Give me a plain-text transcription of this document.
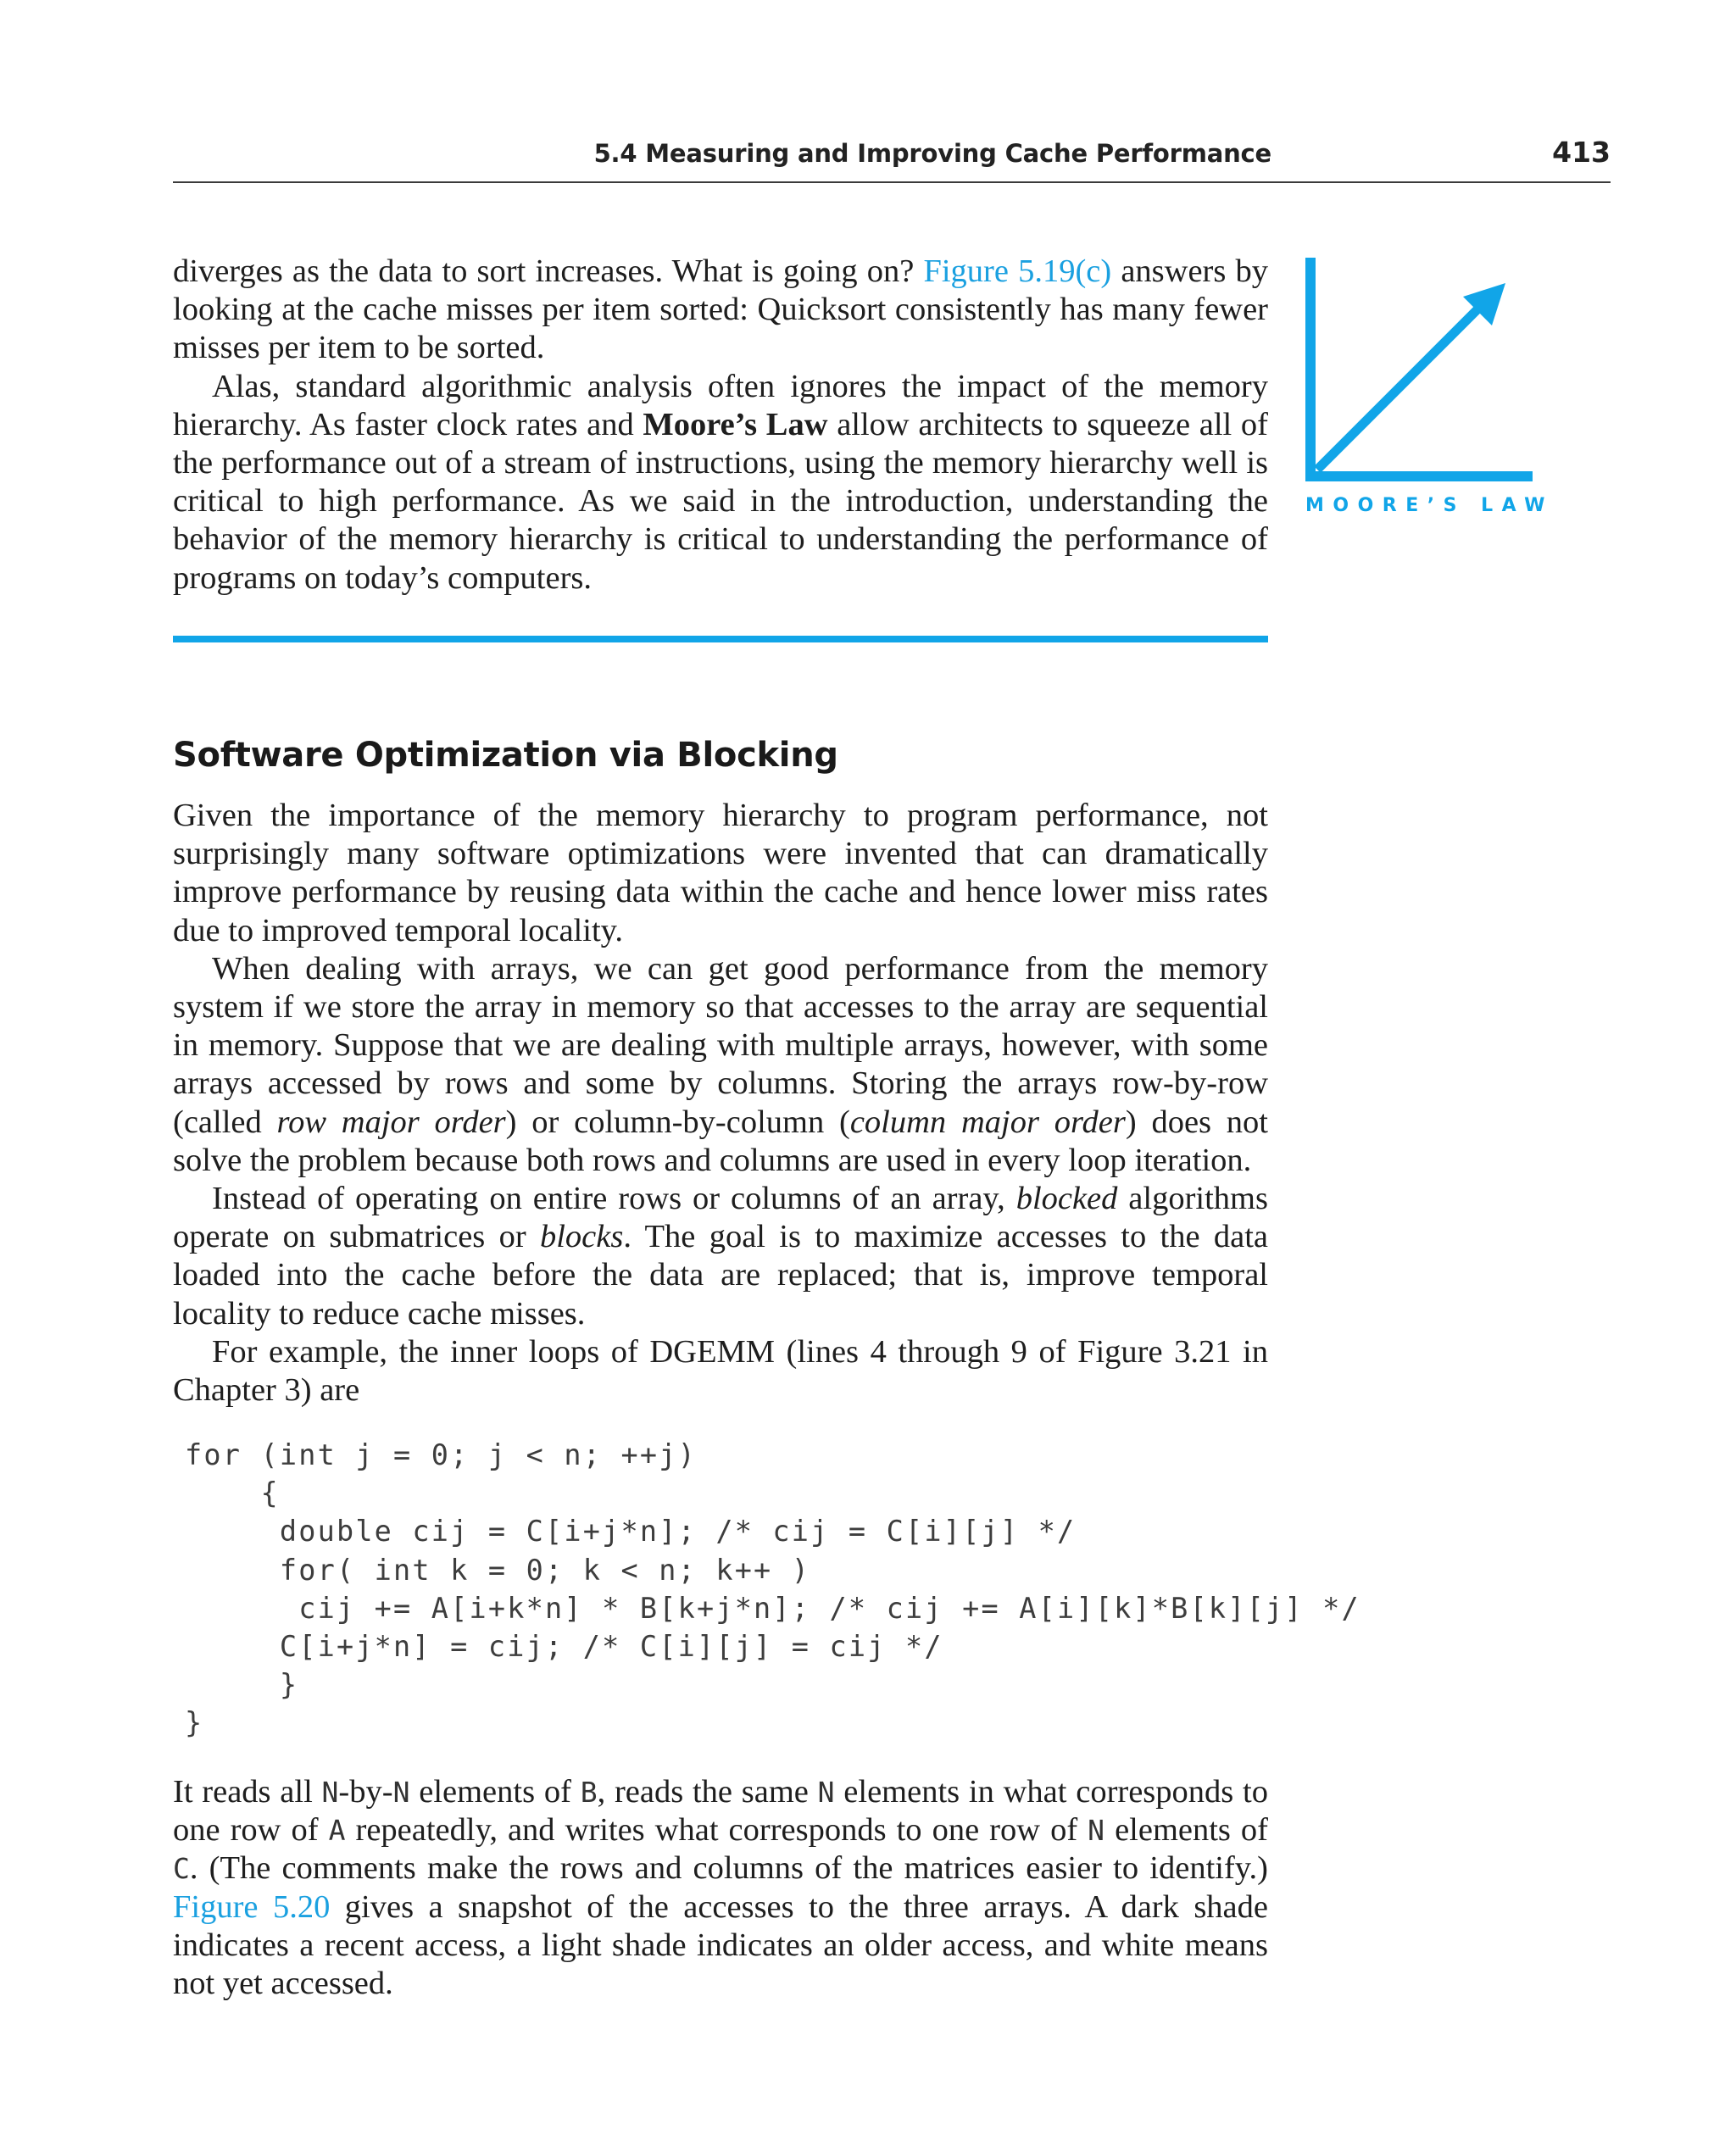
5.4 Measuring and Improving Cache Performance	413
MOORE’S LAW

diverges as the data to sort increases. What is going on? Figure 5.19(c) answers by looking at the cache misses per item sorted: Quicksort consistently has many fewer misses per item to be sorted.

Alas, standard algorithmic analysis often ignores the impact of the memory hierarchy. As faster clock rates and Moore’s Law allow architects to squeeze all of the performance out of a stream of instructions, using the memory hierarchy well is critical to high performance. As we said in the introduction, understanding the behavior of the memory hierarchy is critical to understanding the performance of programs on today’s computers.

Software Optimization via Blocking

Given the importance of the memory hierarchy to program performance, not surprisingly many software optimizations were invented that can dramatically improve performance by reusing data within the cache and hence lower miss rates due to improved temporal locality.

When dealing with arrays, we can get good performance from the memory system if we store the array in memory so that accesses to the array are sequential in memory. Suppose that we are dealing with multiple arrays, however, with some arrays accessed by rows and some by columns. Storing the arrays row-by-row (called row major order) or column-by-column (column major order) does not solve the problem because both rows and columns are used in every loop iteration.

Instead of operating on entire rows or columns of an array, blocked algorithms operate on submatrices or blocks. The goal is to maximize accesses to the data loaded into the cache before the data are replaced; that is, improve temporal locality to reduce cache misses.

For example, the inner loops of DGEMM (lines 4 through 9 of Figure 3.21 in Chapter 3) are

for (int j = 0; j < n; ++j)
{
double cij = C[i+j*n]; /* cij = C[i][j] */
for( int k = 0; k < n; k++ )
cij += A[i+k*n] * B[k+j*n]; /* cij += A[i][k]*B[k][j] */
C[i+j*n] = cij; /* C[i][j] = cij */
}
}

It reads all N-by-N elements of B, reads the same N elements in what corresponds to one row of A repeatedly, and writes what corresponds to one row of N elements of C. (The comments make the rows and columns of the matrices easier to identify.) Figure 5.20 gives a snapshot of the accesses to the three arrays. A dark shade indicates a recent access, a light shade indicates an older access, and white means not yet accessed.
